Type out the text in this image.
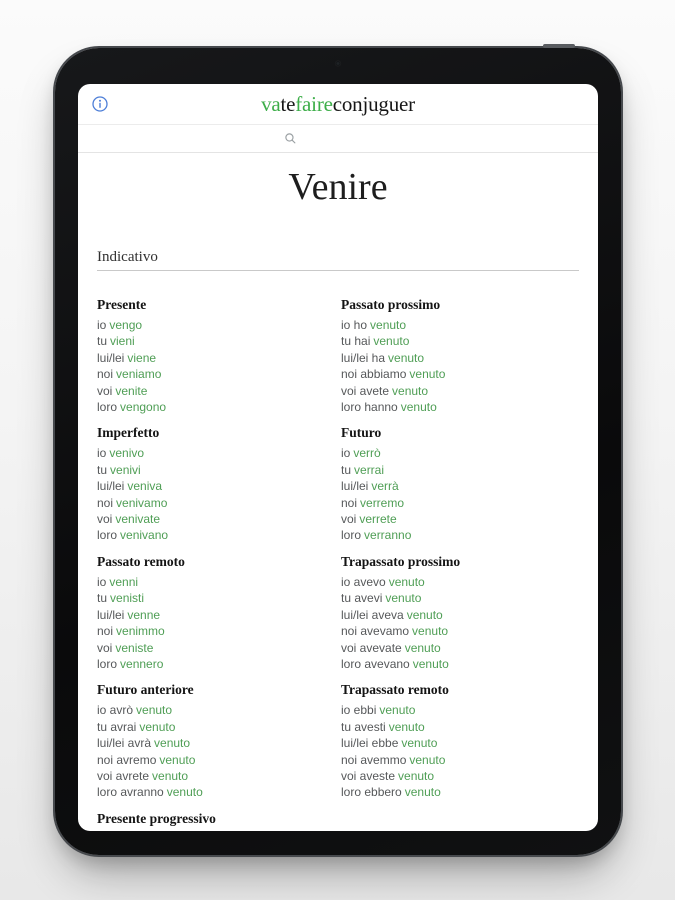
va te faire conjuguer
Venire
Indicativo
Presente
io vengo
tu vieni
lui/lei viene
noi veniamo
voi venite
loro vengono
Passato prossimo
io ho venuto
tu hai venuto
lui/lei ha venuto
noi abbiamo venuto
voi avete venuto
loro hanno venuto
Imperfetto
io venivo
tu venivi
lui/lei veniva
noi venivamo
voi venivate
loro venivano
Futuro
io verrò
tu verrai
lui/lei verrà
noi verremo
voi verrete
loro verranno
Passato remoto
io venni
tu venisti
lui/lei venne
noi venimmo
voi veniste
loro vennero
Trapassato prossimo
io avevo venuto
tu avevi venuto
lui/lei aveva venuto
noi avevamo venuto
voi avevate venuto
loro avevano venuto
Futuro anteriore
io avrò venuto
tu avrai venuto
lui/lei avrà venuto
noi avremo venuto
voi avrete venuto
loro avranno venuto
Trapassato remoto
io ebbi venuto
tu avesti venuto
lui/lei ebbe venuto
noi avemmo venuto
voi aveste venuto
loro ebbero venuto
Presente progressivo
